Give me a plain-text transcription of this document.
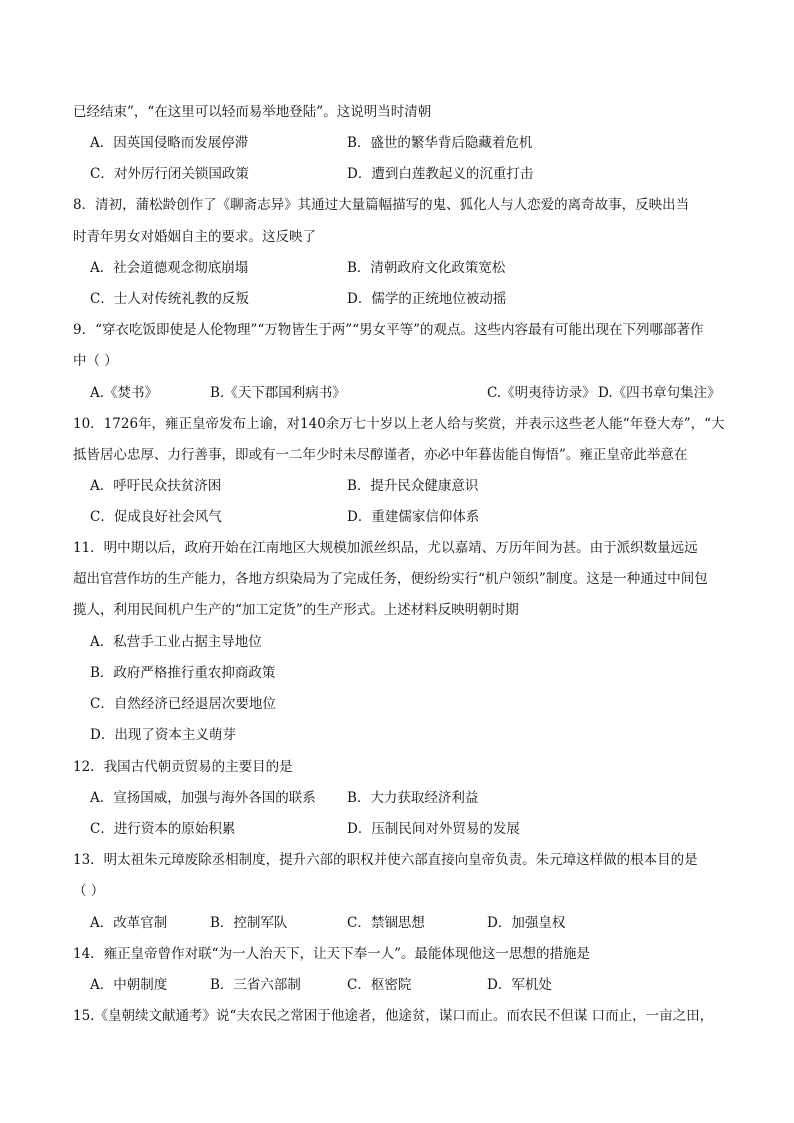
已经结束”，“在这里可以轻而易举地登陆”。这说明当时清朝
A．因英国侵略而发展停滞	B．盛世的繁华背后隐藏着危机
C．对外厉行闭关锁国政策	D．遭到白莲教起义的沉重打击
8．清初，蒲松龄创作了《聊斋志异》其通过大量篇幅描写的鬼、狐化人与人恋爱的离奇故事，反映出当
时青年男女对婚姻自主的要求。这反映了
A．社会道德观念彻底崩塌	B．清朝政府文化政策宽松
C．士人对传统礼教的反叛	D．儒学的正统地位被动摇
9．“穿衣吃饭即使是人伦物理”“万物皆生于两”“男女平等”的观点。这些内容最有可能出现在下列哪部著作
中（ ）
A.《焚书》	B.《天下郡国利病书》	C.《明夷待访录》 D.《四书章句集注》
10．1726年，雍正皇帝发布上谕，对140余万七十岁以上老人给与奖赏，并表示这些老人能“年登大寿”，“大
抵皆居心忠厚、力行善事，即或有一二年少时未尽醇谨者，亦必中年暮齿能自悔悟”。雍正皇帝此举意在
A．呼吁民众扶贫济困	B．提升民众健康意识
C．促成良好社会风气	D．重建儒家信仰体系
11．明中期以后，政府开始在江南地区大规模加派丝织品，尤以嘉靖、万历年间为甚。由于派织数量远远
超出官营作坊的生产能力，各地方织染局为了完成任务，便纷纷实行“机户领织”制度。这是一种通过中间包
揽人，利用民间机户生产的“加工定货”的生产形式。上述材料反映明朝时期
A．私营手工业占据主导地位
B．政府严格推行重农抑商政策
C．自然经济已经退居次要地位
D．出现了资本主义萌芽
12．我国古代朝贡贸易的主要目的是
A．宣扬国威，加强与海外各国的联系 B．大力获取经济利益
C．进行资本的原始积累	D．压制民间对外贸易的发展
13．明太祖朱元璋废除丞相制度，提升六部的职权并使六部直接向皇帝负责。朱元璋这样做的根本目的是
（ ）
A．改革官制	B．控制军队	C．禁锢思想	D．加强皇权
14．雍正皇帝曾作对联“为一人治天下，让天下奉一人”。最能体现他这一思想的措施是
A．中朝制度	B．三省六部制	C．枢密院	D．军机处
15.《皇朝续文献通考》说“夫农民之常困于他途者，他途贫，谋口而止。而农民不但谋 口而止，一亩之田，
